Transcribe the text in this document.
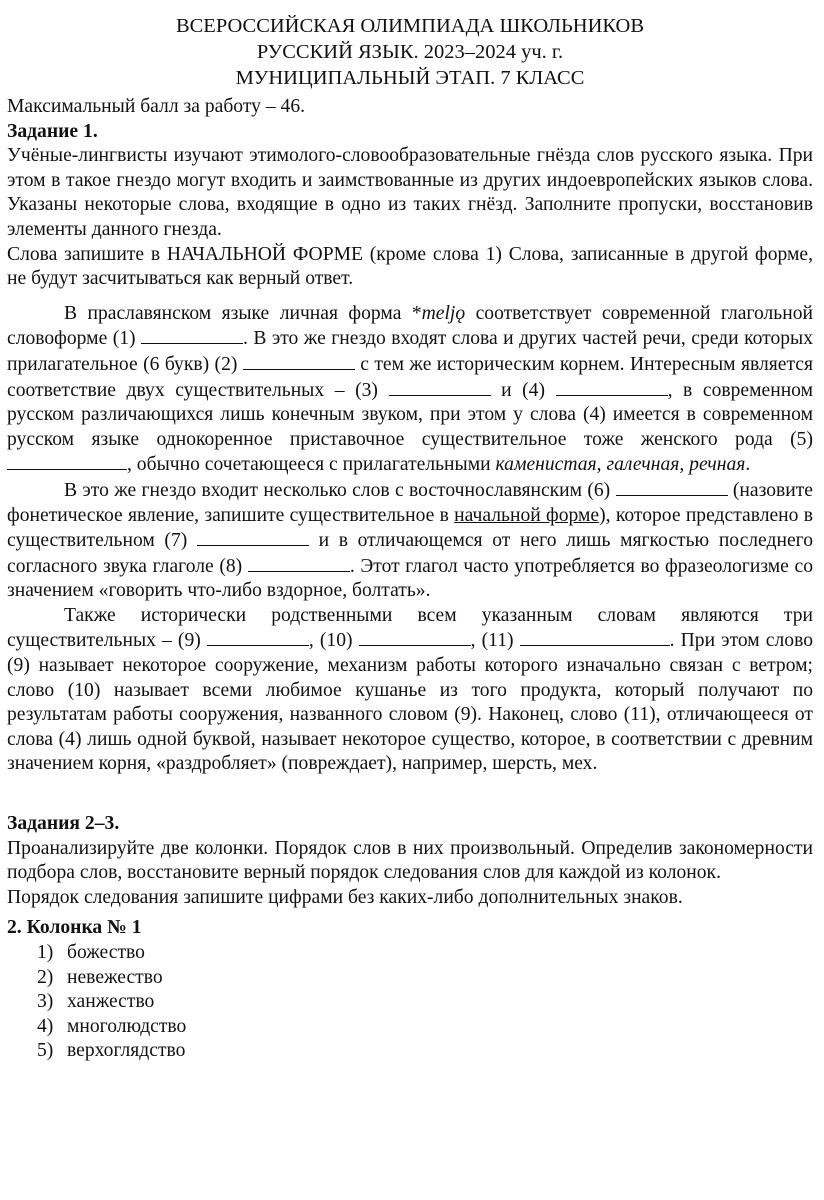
ВСЕРОССИЙСКАЯ ОЛИМПИАДА ШКОЛЬНИКОВ
РУССКИЙ ЯЗЫК. 2023–2024 уч. г.
МУНИЦИПАЛЬНЫЙ ЭТАП. 7 КЛАСС

Максимальный балл за работу – 46.

Задание 1.

Учёные-лингвисты изучают этимолого-словообразовательные гнёзда слов русского языка. При этом в такое гнездо могут входить и заимствованные из других индоевропейских языков слова. Указаны некоторые слова, входящие в одно из таких гнёзд. Заполните пропуски, восстановив элементы данного гнезда.

Слова запишите в НАЧАЛЬНОЙ ФОРМЕ (кроме слова 1) Слова, записанные в другой форме, не будут засчитываться как верный ответ.

В праславянском языке личная форма *meljǫ соответствует современной глагольной словоформе (1)	. В это же гнездо входят слова и других частей речи, среди которых прилагательное (6 букв) (2)	с тем же историческим корнем. Интересным является соответствие двух существительных – (3)	и (4)	, в современном русском различающихся лишь конечным звуком, при этом у слова (4) имеется в современном русском языке однокоренное приставочное существительное тоже женского рода (5) , обычно сочетающееся с прилагательными каменистая, галечная, речная.

В это же гнездо входит несколько слов с восточнославянским (6)	(назовите фонетическое явление, запишите существительное в начальной форме), которое представлено в существительном (7)	и в отличающемся от него лишь мягкостью последнего согласного звука глаголе (8)	. Этот глагол часто употребляется во фразеологизме со значением «говорить что-либо вздорное, болтать».

Также исторически родственными всем указанным словам являются три существительных – (9)	, (10)	, (11)	. При этом слово (9) называет некоторое сооружение, механизм работы которого изначально связан с ветром; слово (10) называет всеми любимое кушанье из того продукта, который получают по результатам работы сооружения, названного словом (9). Наконец, слово (11), отличающееся от слова (4) лишь одной буквой, называет некоторое существо, которое, в соответствии с древним значением корня, «раздробляет» (повреждает), например, шерсть, мех.

Задания 2–3.

Проанализируйте две колонки. Порядок слов в них произвольный. Определив закономерности подбора слов, восстановите верный порядок следования слов для каждой из колонок.

Порядок следования запишите цифрами без каких-либо дополнительных знаков.

2. Колонка № 1

1) божество
2) невежество
3) ханжество
4) многолюдство
5) верхоглядство
